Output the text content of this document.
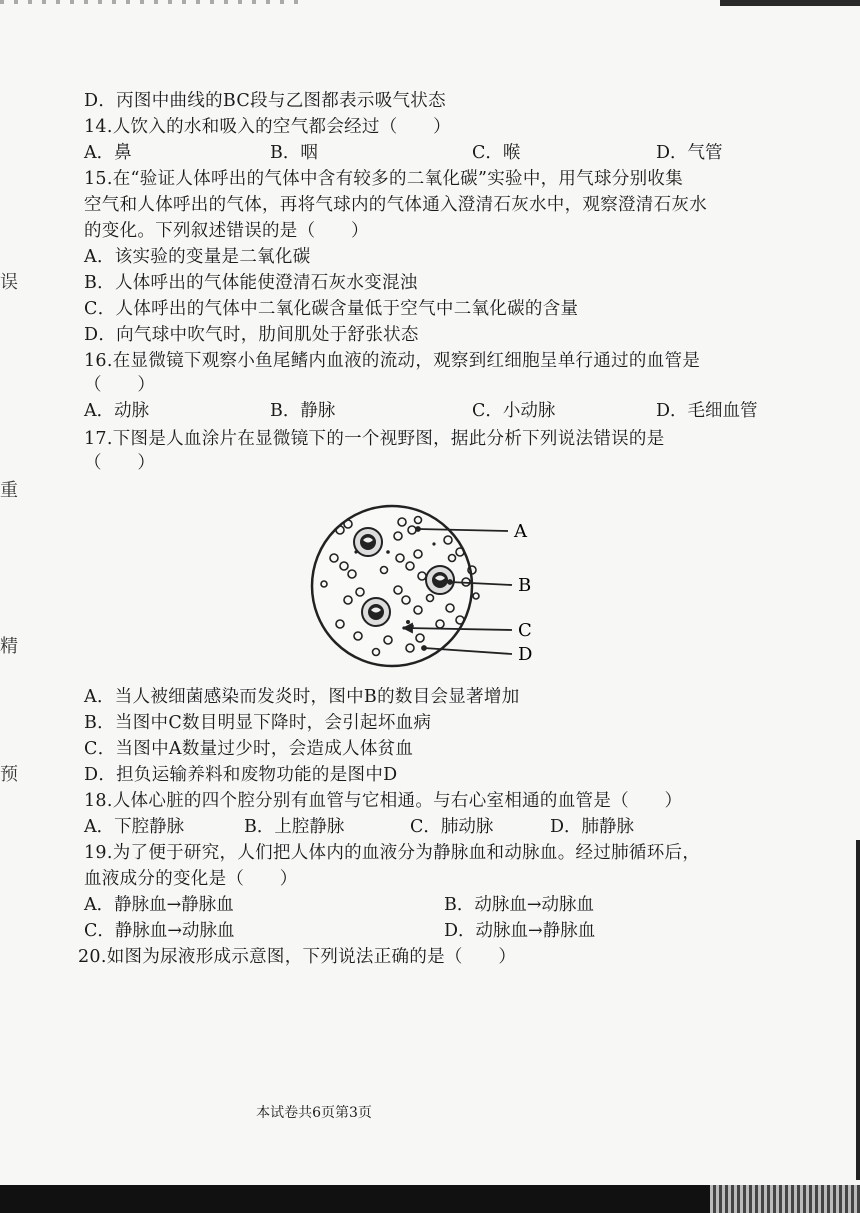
误
重
精
预
D．丙图中曲线的BC段与乙图都表示吸气状态
14.人饮入的水和吸入的空气都会经过（　　）
A．鼻	B．咽	C．喉	D．气管
15.在“验证人体呼出的气体中含有较多的二氧化碳”实验中，用气球分别收集
空气和人体呼出的气体，再将气球内的气体通入澄清石灰水中，观察澄清石灰水
的变化。下列叙述错误的是（　　）
A．该实验的变量是二氧化碳
B．人体呼出的气体能使澄清石灰水变混浊
C．人体呼出的气体中二氧化碳含量低于空气中二氧化碳的含量
D．向气球中吹气时，肋间肌处于舒张状态
16.在显微镜下观察小鱼尾鳍内血液的流动，观察到红细胞呈单行通过的血管是
（　　）
A．动脉	B．静脉	C．小动脉	D．毛细血管
17.下图是人血涂片在显微镜下的一个视野图，据此分析下列说法错误的是
（　　）
A
B
C
D
A．当人被细菌感染而发炎时，图中B的数目会显著增加
B．当图中C数目明显下降时，会引起坏血病
C．当图中A数量过少时，会造成人体贫血
D．担负运输养料和废物功能的是图中D
18.人体心脏的四个腔分别有血管与它相通。与右心室相通的血管是（　　）
A．下腔静脉	B．上腔静脉	C．肺动脉	D．肺静脉
19.为了便于研究，人们把人体内的血液分为静脉血和动脉血。经过肺循环后，
血液成分的变化是（　　）
A．静脉血→静脉血	B．动脉血→动脉血
C．静脉血→动脉血	D．动脉血→静脉血
20.如图为尿液形成示意图，下列说法正确的是（　　）
本试卷共6页第3页
